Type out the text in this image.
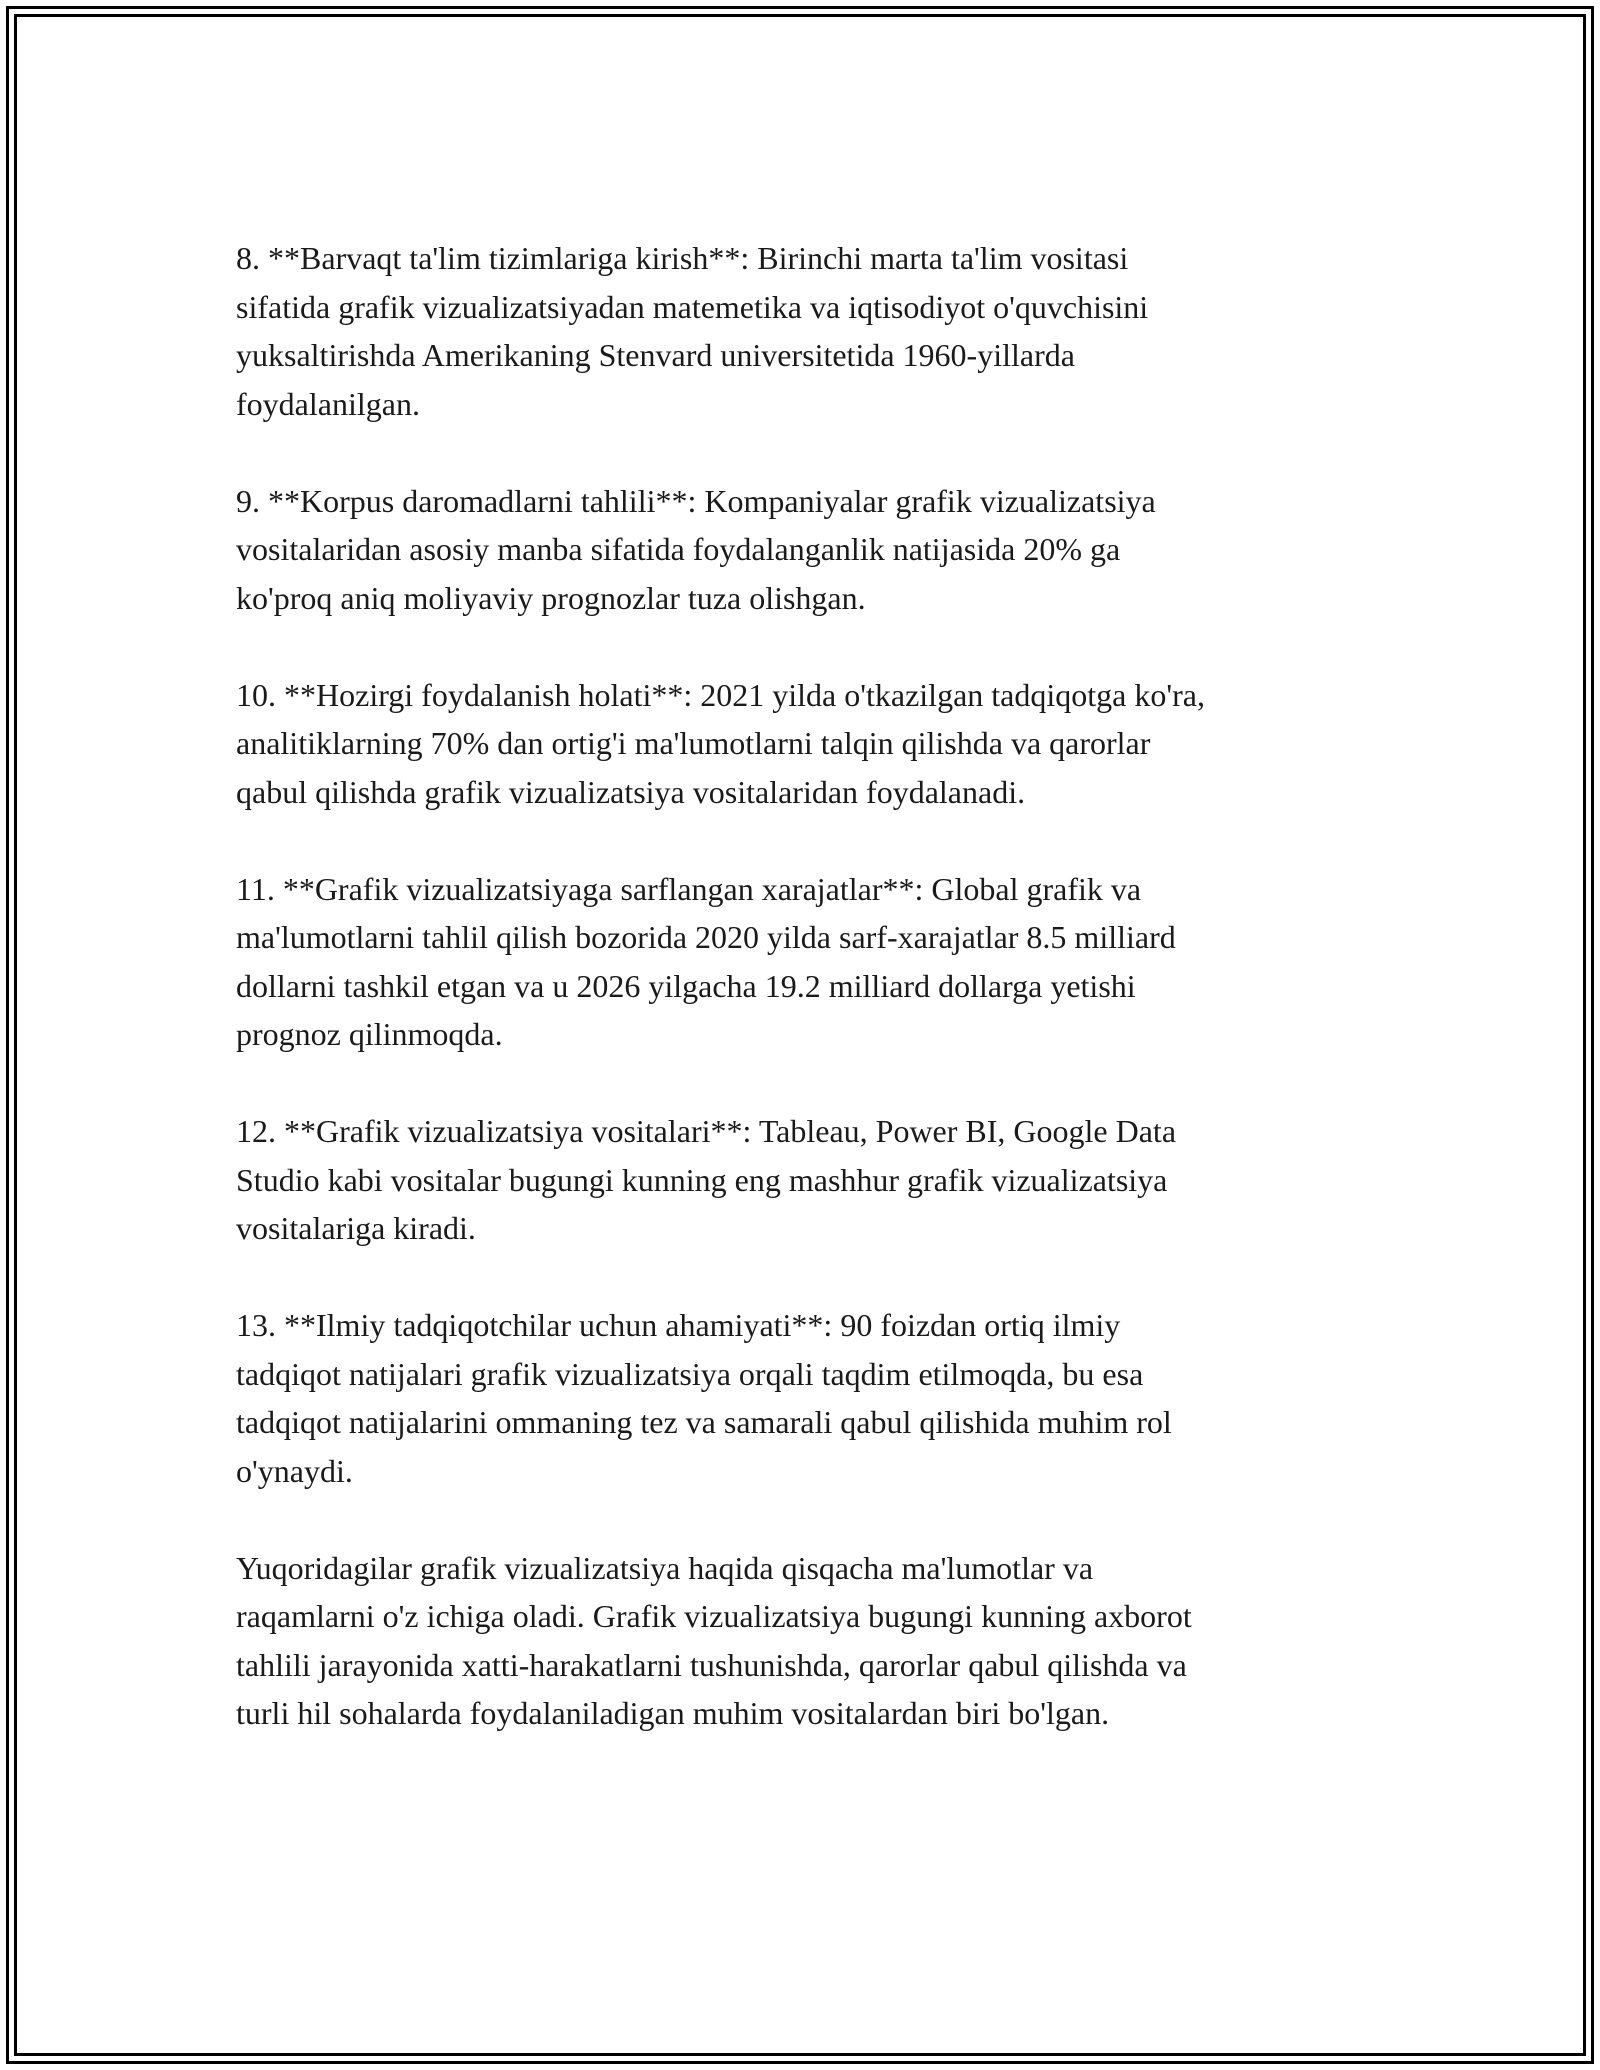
8. **Barvaqt ta'lim tizimlariga kirish**: Birinchi marta ta'lim vositasi
sifatida grafik vizualizatsiyadan matemetika va iqtisodiyot o'quvchisini
yuksaltirishda Amerikaning Stenvard universitetida 1960-yillarda
foydalanilgan.

9. **Korpus daromadlarni tahlili**: Kompaniyalar grafik vizualizatsiya
vositalaridan asosiy manba sifatida foydalanganlik natijasida 20% ga
ko'proq aniq moliyaviy prognozlar tuza olishgan.

10. **Hozirgi foydalanish holati**: 2021 yilda o'tkazilgan tadqiqotga ko'ra,
analitiklarning 70% dan ortig'i ma'lumotlarni talqin qilishda va qarorlar
qabul qilishda grafik vizualizatsiya vositalaridan foydalanadi.

11. **Grafik vizualizatsiyaga sarflangan xarajatlar**: Global grafik va
ma'lumotlarni tahlil qilish bozorida 2020 yilda sarf-xarajatlar 8.5 milliard
dollarni tashkil etgan va u 2026 yilgacha 19.2 milliard dollarga yetishi
prognoz qilinmoqda.

12. **Grafik vizualizatsiya vositalari**: Tableau, Power BI, Google Data
Studio kabi vositalar bugungi kunning eng mashhur grafik vizualizatsiya
vositalariga kiradi.

13. **Ilmiy tadqiqotchilar uchun ahamiyati**: 90 foizdan ortiq ilmiy
tadqiqot natijalari grafik vizualizatsiya orqali taqdim etilmoqda, bu esa
tadqiqot natijalarini ommaning tez va samarali qabul qilishida muhim rol
o'ynaydi.

Yuqoridagilar grafik vizualizatsiya haqida qisqacha ma'lumotlar va
raqamlarni o'z ichiga oladi. Grafik vizualizatsiya bugungi kunning axborot
tahlili jarayonida xatti-harakatlarni tushunishda, qarorlar qabul qilishda va
turli hil sohalarda foydalaniladigan muhim vositalardan biri bo'lgan.
